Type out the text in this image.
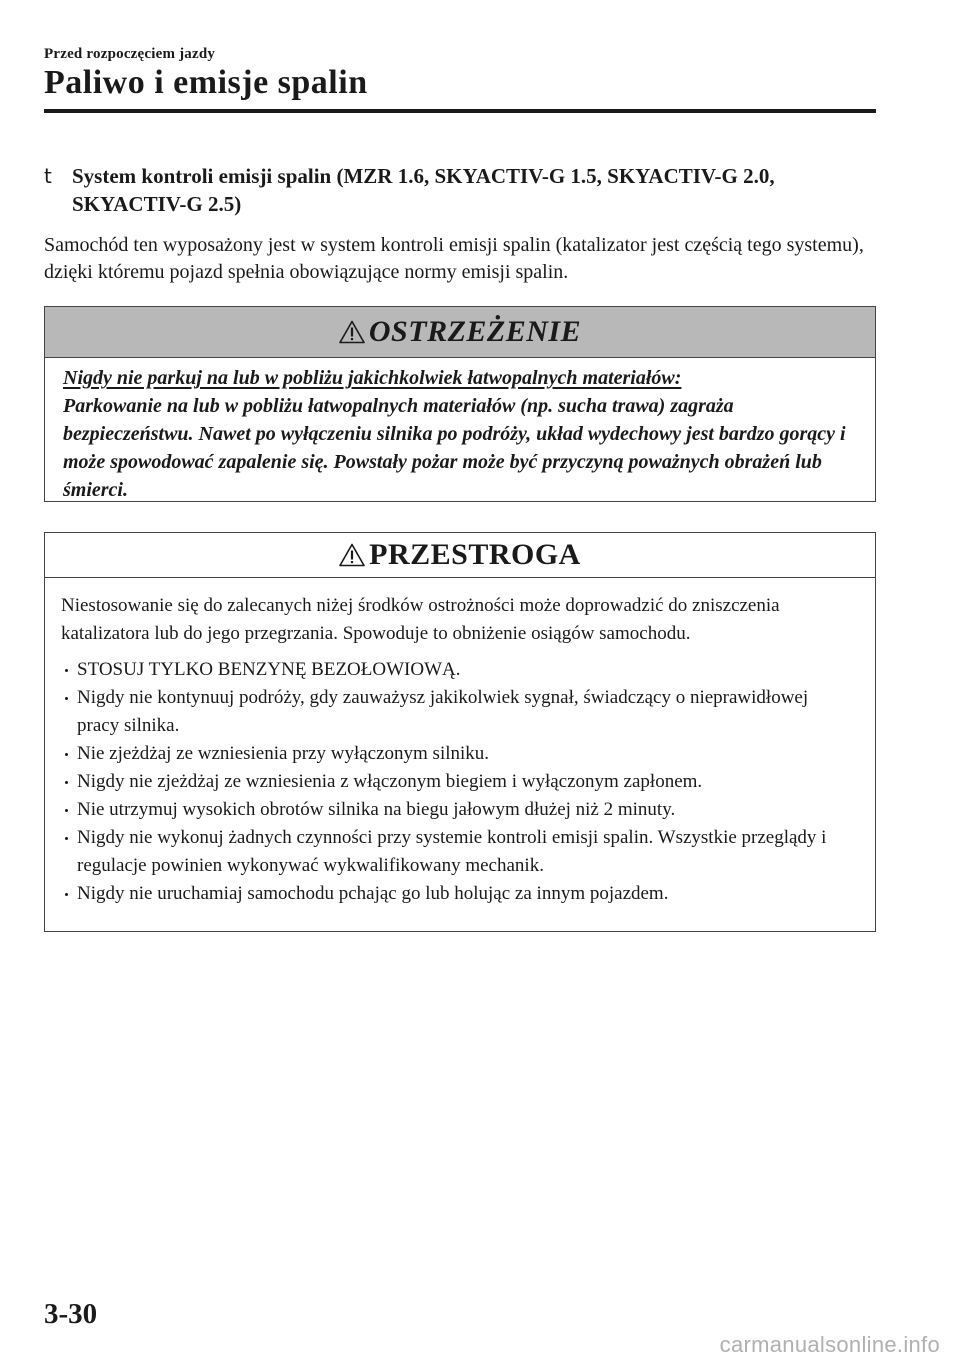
Przed rozpoczęciem jazdy
Paliwo i emisje spalin
t System kontroli emisji spalin (MZR 1.6, SKYACTIV-G 1.5, SKYACTIV-G 2.0, SKYACTIV-G 2.5)
Samochód ten wyposażony jest w system kontroli emisji spalin (katalizator jest częścią tego systemu), dzięki któremu pojazd spełnia obowiązujące normy emisji spalin.
OSTRZEŻENIE
Nigdy nie parkuj na lub w pobliżu jakichkolwiek łatwopalnych materiałów:
Parkowanie na lub w pobliżu łatwopalnych materiałów (np. sucha trawa) zagraża bezpieczeństwu. Nawet po wyłączeniu silnika po podróży, układ wydechowy jest bardzo gorący i może spowodować zapalenie się. Powstały pożar może być przyczyną poważnych obrażeń lub śmierci.
PRZESTROGA
Niestosowanie się do zalecanych niżej środków ostrożności może doprowadzić do zniszczenia katalizatora lub do jego przegrzania. Spowoduje to obniżenie osiągów samochodu.
STOSUJ TYLKO BENZYNĘ BEZOŁOWIOWĄ.
Nigdy nie kontynuuj podróży, gdy zauważysz jakikolwiek sygnał, świadczący o nieprawidłowej pracy silnika.
Nie zjeżdżaj ze wzniesienia przy wyłączonym silniku.
Nigdy nie zjeżdżaj ze wzniesienia z włączonym biegiem i wyłączonym zapłonem.
Nie utrzymuj wysokich obrotów silnika na biegu jałowym dłużej niż 2 minuty.
Nigdy nie wykonuj żadnych czynności przy systemie kontroli emisji spalin. Wszystkie przeglądy i regulacje powinien wykonywać wykwalifikowany mechanik.
Nigdy nie uruchamiaj samochodu pchając go lub holując za innym pojazdem.
3-30
carmanualsonline.info
